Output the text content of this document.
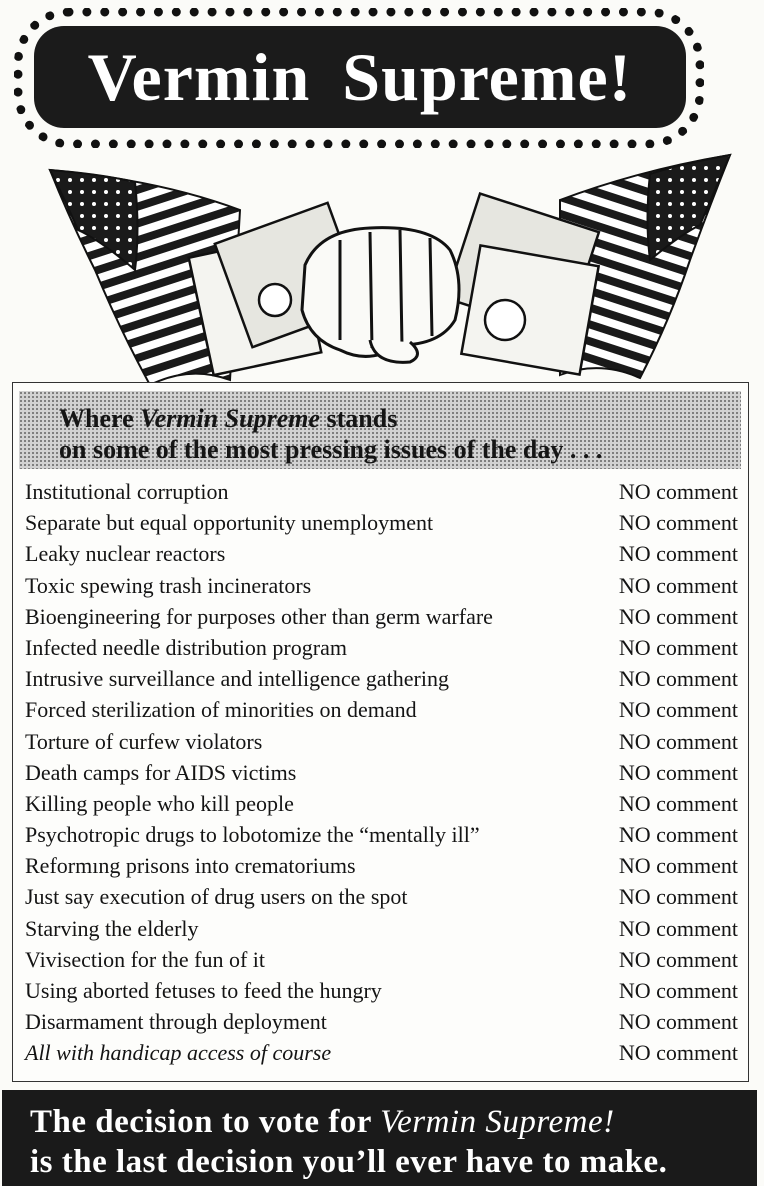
Vermin Supreme!
Where Vermin Supreme stands
on some of the most pressing issues of the day . . .
Institutional corruption	NO comment
Separate but equal opportunity unemployment	NO comment
Leaky nuclear reactors	NO comment
Toxic spewing trash incinerators	NO comment
Bioengineering for purposes other than germ warfare	NO comment
Infected needle distribution program	NO comment
Intrusive surveillance and intelligence gathering	NO comment
Forced sterilization of minorities on demand	NO comment
Torture of curfew violators	NO comment
Death camps for AIDS victims	NO comment
Killing people who kill people	NO comment
Psychotropic drugs to lobotomize the “mentally ill”	NO comment
Reformıng prisons into crematoriums	NO comment
Just say execution of drug users on the spot	NO comment
Starving the elderly	NO comment
Vivisection for the fun of it	NO comment
Using aborted fetuses to feed the hungry	NO comment
Disarmament through deployment	NO comment
All with handicap access of course	NO comment
The decision to vote for Vermin Supreme!
is the last decision you’ll ever have to make.
